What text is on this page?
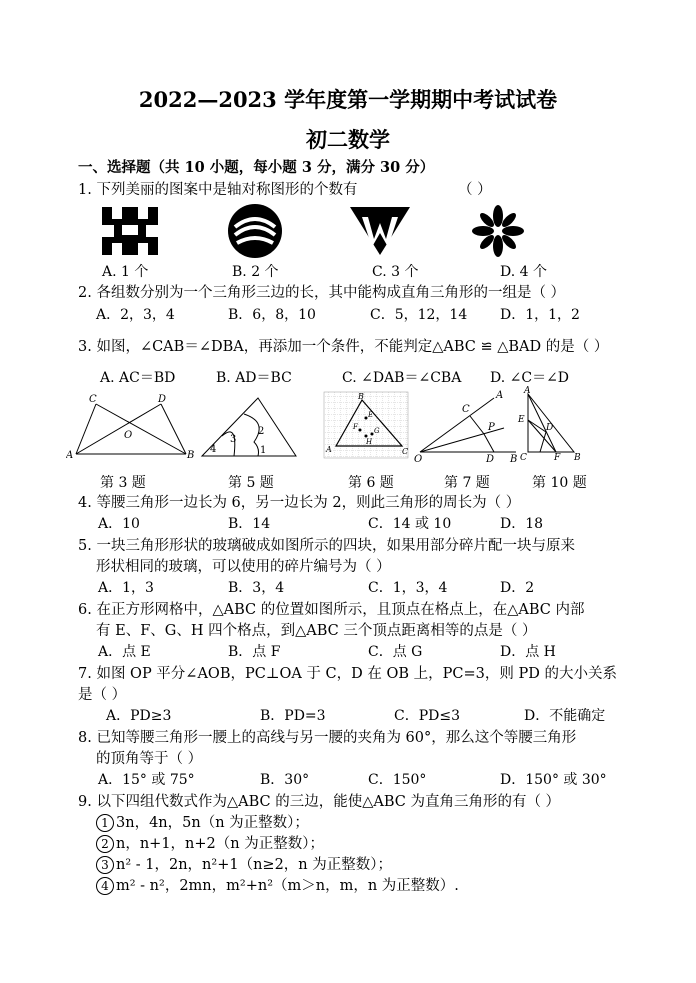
2022—2023 学年度第一学期期中考试试卷
初二数学
一、选择题（共 10 小题，每小题 3 分，满分 30 分）
1. 下列美丽的图案中是轴对称图形的个数有	（ ）
A. 1 个	B. 2 个	C. 3 个	D. 4 个
2. 各组数分别为一个三角形三边的长，其中能构成直角三角形的一组是（ ）
A．2，3，4	B．6，8，10	C．5，12，14 D．1，1，2
3. 如图，∠CAB＝∠DBA，再添加一个条件，不能判定△ABC ≌ △BAD 的是（ ）
A. AC＝BD	B. AD＝BC	C. ∠DAB＝∠CBA D. ∠C＝∠D
C	D
O
A	B
3
2
4	1	A
B
C
E
F G
H
A
C
P
O	D B
A
E
C
D
B
F
第 3 题	第 5 题	第 6 题	第 7 题	第 10 题
4. 等腰三角形一边长为 6，另一边长为 2，则此三角形的周长为（ ）
A．10	B．14	C．14 或 10	D．18
5. 一块三角形形状的玻璃破成如图所示的四块，如果用部分碎片配一块与原来
形状相同的玻璃，可以使用的碎片编号为（ ）
A．1，3	B．3，4	C．1，3，4	D．2
6. 在正方形网格中，△ABC 的位置如图所示，且顶点在格点上，在△ABC 内部
有 E、F、G、H 四个格点，到△ABC 三个顶点距离相等的点是（ ）
A．点 E	B．点 F	C．点 G	D．点 H
7. 如图 OP 平分∠AOB，PC⊥OA 于 C，D 在 OB 上，PC=3，则 PD 的大小关系
是（ ）
A．PD≥3	B．PD=3	C．PD≤3	D．不能确定
8. 已知等腰三角形一腰上的高线与另一腰的夹角为 60°，那么这个等腰三角形
的顶角等于（ ）
A．15° 或 75°	B．30°	C．150°	D．150° 或 30°
9. 以下四组代数式作为△ABC 的三边，能使△ABC 为直角三角形的有（ ）
1 3n，4n，5n（n 为正整数）；
2 n，n+1，n+2（n 为正整数）；
3 n² - 1，2n，n²+1（n≥2，n 为正整数）；
4 m² - n²，2mn，m²+n²（m＞n，m，n 为正整数）.
